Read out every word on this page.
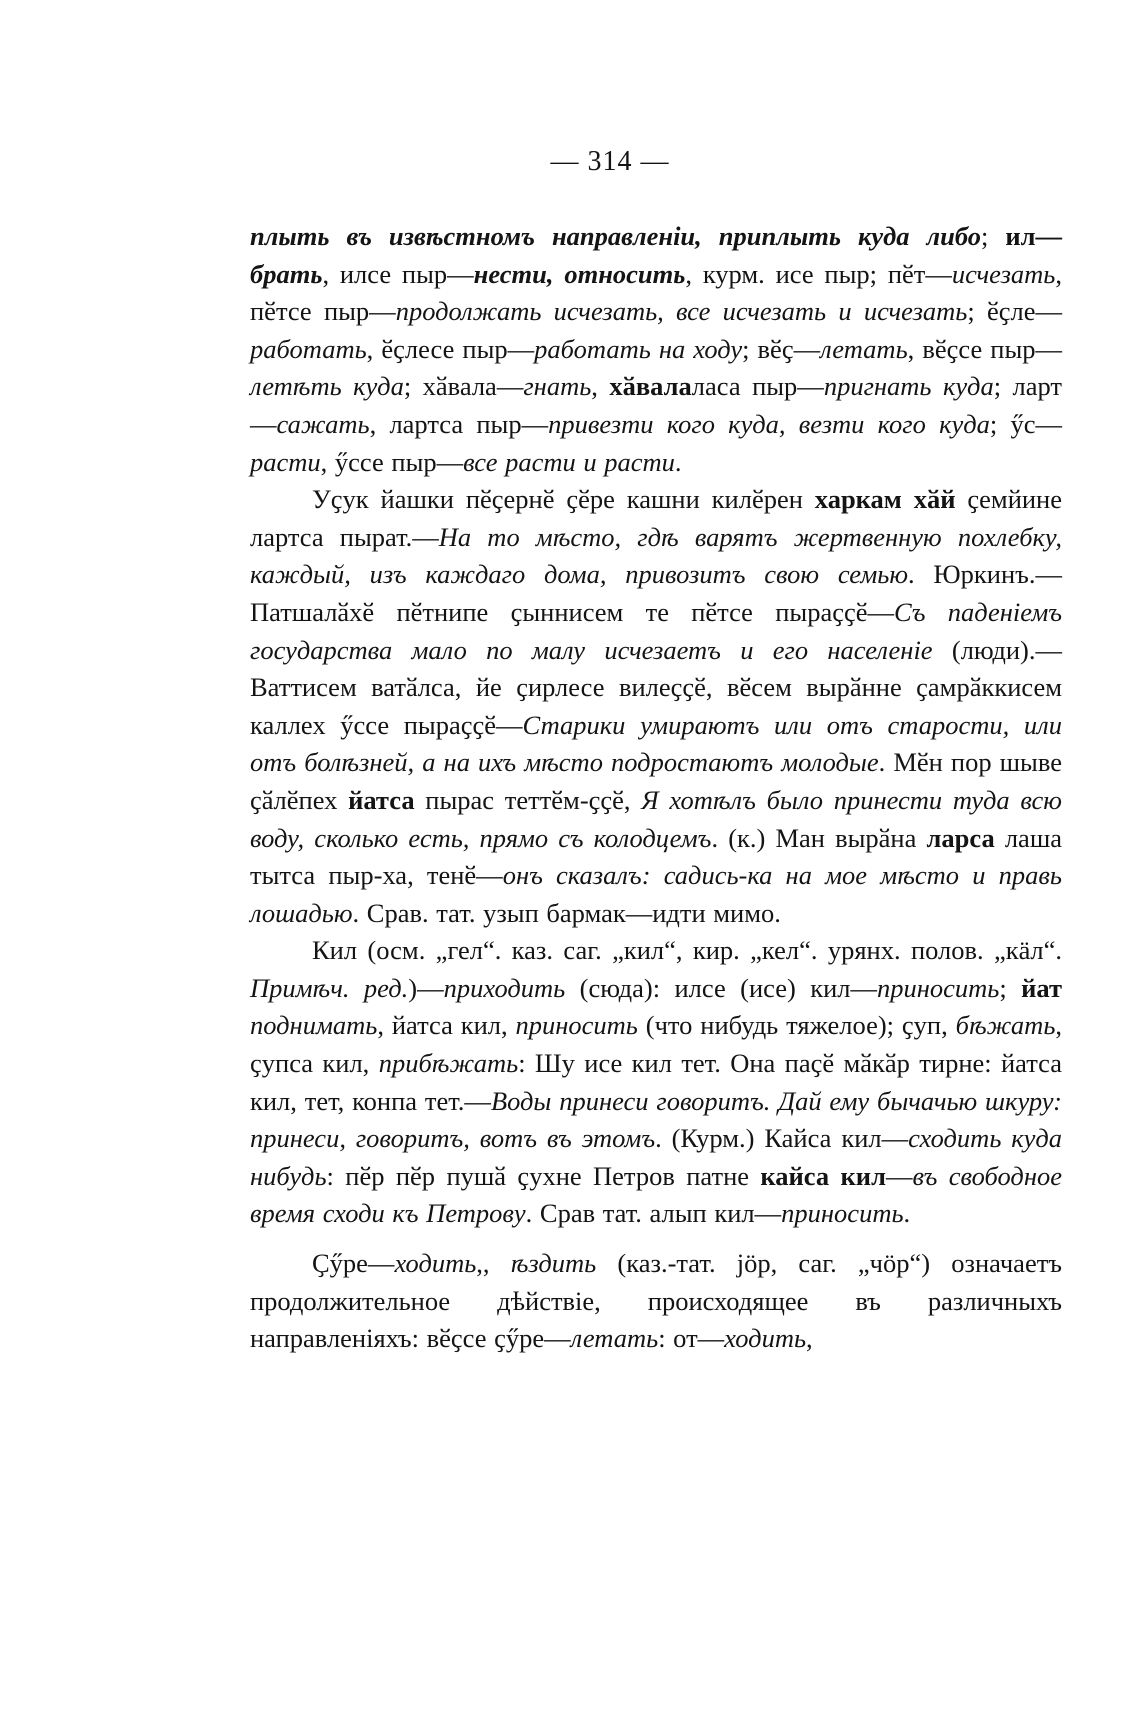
— 314 —

плыть въ извѣстномъ направленіи, приплыть куда либо; ил—брать, илсе пыр—нести, относить, курм. исе пыр; пӗт—исчезать, пӗтсе пыр—продолжать исчезать, все исчезать и исчезать; ӗҫле—работать, ӗҫлесе пыр—работать на ходу; вӗҫ—летать, вӗҫсе пыр—летѣть куда; хӑвала—гнать, хӑвалаласа пыр—пригнать куда; ларт—сажать, лартса пыр—привезти кого куда, везти кого куда; ӳс—расти, ӳссе пыр—все расти и расти.

Уҫук йашки пӗҫернӗ ҫӗре кашни килӗрен харкам хӑй ҫемйине лартса пырат.—На то мѣсто, гдѣ варятъ жертвенную похлебку, каждый, изъ каждаго дома, привозитъ свою семью. Юркинъ.—Патшалӑхӗ пӗтнипе ҫыннисем те пӗтсе пыраҫҫӗ—Съ паденіемъ государства мало по малу исчезаетъ и его населеніе (люди).—Ваттисем ватӑлса, йе ҫирлесе вилеҫҫӗ, вӗсем вырӑнне ҫамрӑккисем каллех ӳссе пыраҫҫӗ—Старики умираютъ или отъ старости, или отъ болѣзней, а на ихъ мѣсто подростаютъ молодые. Мӗн пор шыве ҫӑлӗпех йатса пырас теттӗм-ҫҫӗ, Я хотѣлъ было принести туда всю воду, сколько есть, прямо съ колодцемъ. (к.) Ман вырӑна ларса лаша тытса пыр-ха, тенӗ—онъ сказалъ: садись-ка на мое мѣсто и правь лошадью. Срав. тат. узып бармак—идти мимо.

Кил (осм. „гел“. каз. саг. „кил“, кир. „кел“. урянх. полов. „кӓл“. Примѣч. ред.)—приходить (сюда): илсе (исе) кил—приносить; йат поднимать, йатса кил, приносить (что нибудь тяжелое); ҫуп, бѣжать, ҫупса кил, прибѣжать: Шу исе кил тет. Она паҫӗ мӑкӑр тирне: йатса кил, тет, конпа тет.—Воды принеси говоритъ. Дай ему бычачью шкуру: принеси, говоритъ, вотъ въ этомъ. (Курм.) Кайса кил—сходить куда нибудь: пӗр пӗр пушӑ ҫухне Петров патне кайса кил—въ свободное время сходи къ Петрову. Срав тат. алып кил—приносить.

Ҫӳре—ходить,, ѣздить (каз.-тат. јӧр, саг. „чӧр“) означаетъ продолжительное дѣйствіе, происходящее въ различныхъ направленіяхъ: вӗҫсе ҫӳре—летать: от—ходить,
